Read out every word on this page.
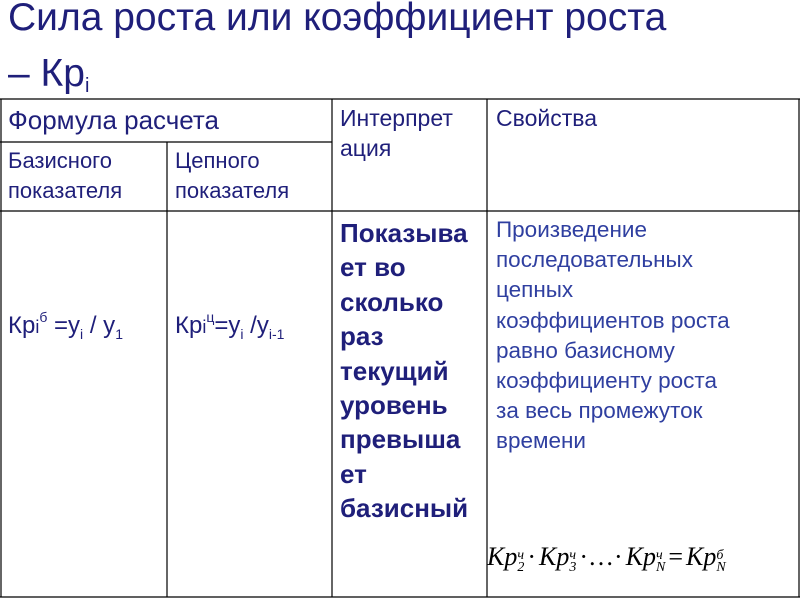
Сила роста или коэффициент роста
– $Кр_i$
Формула расчета	Интерпрет
ация
Свойства
Базисного
показателя
Цепного
показателя
$Крi^б =у_i / у_1$	$Крi^ц=у_i$ $/у_{i-1}$
Показыва
ет во
сколько
раз
текущий
уровень
превыша
ет
базисный
Произведение
последовательных
цепных
коэффициентов роста
равно базисному
коэффициенту роста
за весь промежуток
времени
Kp ч
2 · Kp ч
3 ·…· Kp ч
N = Kp б
N
